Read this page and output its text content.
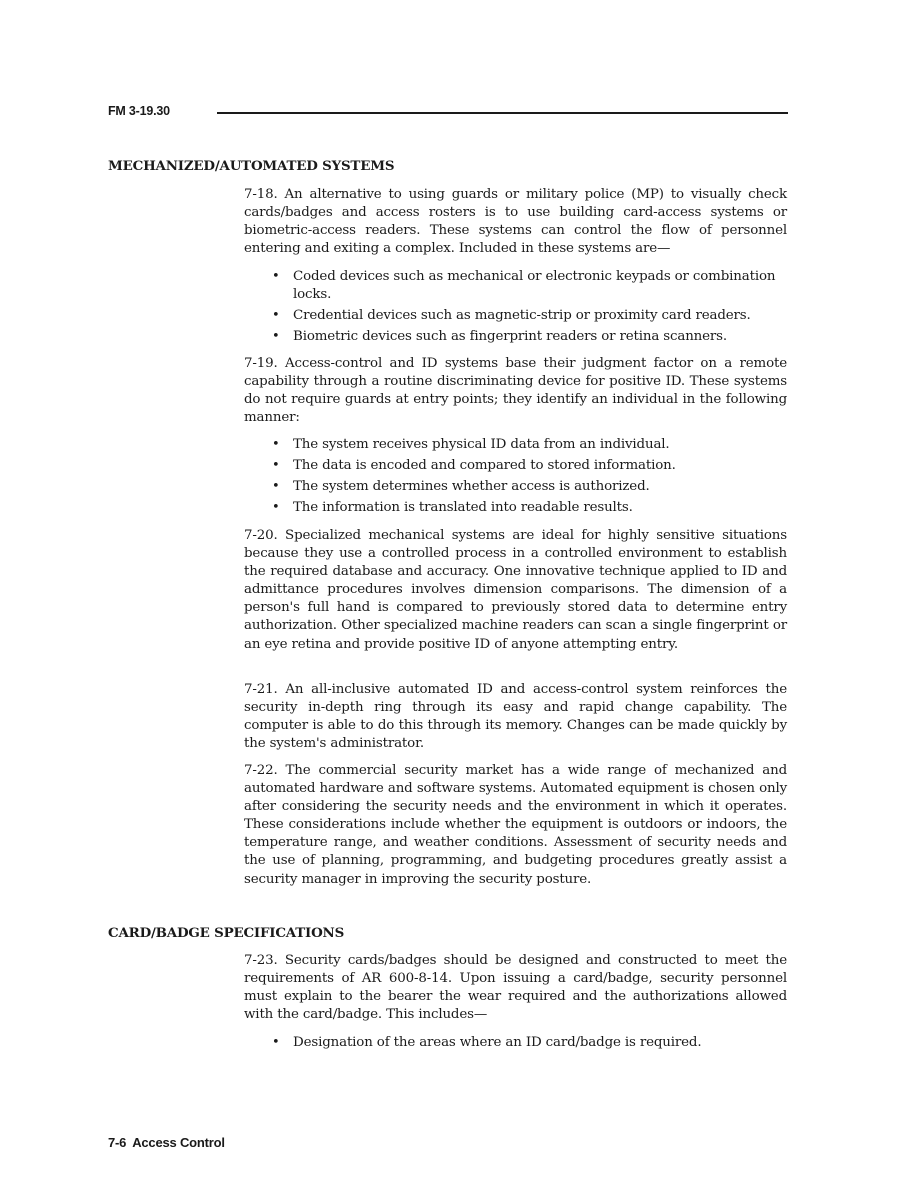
FM 3-19.30
MECHANIZED/AUTOMATED SYSTEMS

7-18. An alternative to using guards or military police (MP) to visually check cards/badges and access rosters is to use building card-access systems or biometric-access readers. These systems can control the flow of personnel entering and exiting a complex. Included in these systems are—

• Coded devices such as mechanical or electronic keypads or combination locks.
• Credential devices such as magnetic-strip or proximity card readers.
• Biometric devices such as fingerprint readers or retina scanners.

7-19. Access-control and ID systems base their judgment factor on a remote capability through a routine discriminating device for positive ID. These systems do not require guards at entry points; they identify an individual in the following manner:

• The system receives physical ID data from an individual.
• The data is encoded and compared to stored information.
• The system determines whether access is authorized.
• The information is translated into readable results.

7-20. Specialized mechanical systems are ideal for highly sensitive situations because they use a controlled process in a controlled environment to establish the required database and accuracy. One innovative technique applied to ID and admittance procedures involves dimension comparisons. The dimension of a person's full hand is compared to previously stored data to determine entry authorization. Other specialized machine readers can scan a single fingerprint or an eye retina and provide positive ID of anyone attempting entry.

7-21. An all-inclusive automated ID and access-control system reinforces the security in-depth ring through its easy and rapid change capability. The computer is able to do this through its memory. Changes can be made quickly by the system's administrator.

7-22. The commercial security market has a wide range of mechanized and automated hardware and software systems. Automated equipment is chosen only after considering the security needs and the environment in which it operates. These considerations include whether the equipment is outdoors or indoors, the temperature range, and weather conditions. Assessment of security needs and the use of planning, programming, and budgeting procedures greatly assist a security manager in improving the security posture.

CARD/BADGE SPECIFICATIONS

7-23. Security cards/badges should be designed and constructed to meet the requirements of AR 600-8-14. Upon issuing a card/badge, security personnel must explain to the bearer the wear required and the authorizations allowed with the card/badge. This includes—

• Designation of the areas where an ID card/badge is required.
7-6 Access Control
